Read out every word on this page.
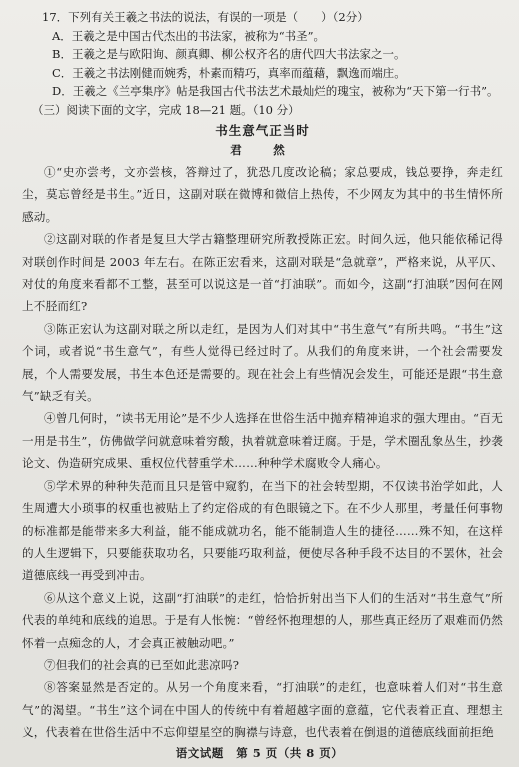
17．下列有关王羲之书法的说法，有误的一项是（　　）（2分）
A．王羲之是中国古代杰出的书法家，被称为“书圣”。
B．王羲之是与欧阳询、颜真卿、柳公权齐名的唐代四大书法家之一。
C．王羲之书法刚健而婉秀，朴素而精巧，真率而蕴藉，飘逸而端庄。
D．王羲之《兰亭集序》帖是我国古代书法艺术最灿烂的瑰宝，被称为“天下第一行书”。
（三）阅读下面的文字，完成 18—21 题。（10 分）
书生意气正当时
君　然

①“史亦尝考，文亦尝核，答辩过了，犹恐几度改论稿；家总要成，钱总要挣，奔走红尘，莫忘曾经是书生。”近日，这副对联在微博和微信上热传，不少网友为其中的书生情怀所感动。

②这副对联的作者是复旦大学古籍整理研究所教授陈正宏。时间久远，他只能依稀记得对联创作时间是 2003 年左右。在陈正宏看来，这副对联是“急就章”，严格来说，从平仄、对仗的角度来看都不工整，甚至可以说这是一首“打油联”。而如今，这副“打油联”因何在网上不胫而红?

③陈正宏认为这副对联之所以走红，是因为人们对其中“书生意气”有所共鸣。“书生”这个词，或者说“书生意气”，有些人觉得已经过时了。从我们的角度来讲，一个社会需要发展，个人需要发展，书生本色还是需要的。现在社会上有些情况会发生，可能还是跟“书生意气”缺乏有关。

④曾几何时，“读书无用论”是不少人选择在世俗生活中抛弃精神追求的强大理由。“百无一用是书生”，仿佛做学问就意味着穷酸，执着就意味着迂腐。于是，学术圈乱象丛生，抄袭论文、伪造研究成果、重权位代替重学术……种种学术腐败令人痛心。

⑤学术界的种种失范而且只是管中窥豹，在当下的社会转型期，不仅读书治学如此，人生周遭大小琐事的权重也被贴上了约定俗成的有色眼镜之下。在不少人那里，考量任何事物的标准都是能带来多大利益，能不能成就功名，能不能制造人生的捷径……殊不知，在这样的人生逻辑下，只要能获取功名，只要能巧取利益，便使尽各种手段不达目的不罢休，社会道德底线一再受到冲击。

⑥从这个意义上说，这副“打油联”的走红，恰恰折射出当下人们的生活对“书生意气”所代表的单纯和底线的追思。于是有人怅惋：“曾经怀抱理想的人，那些真正经历了艰难而仍然怀着一点痴念的人，才会真正被触动吧。”

⑦但我们的社会真的已至如此悲凉吗?

⑧答案显然是否定的。从另一个角度来看，“打油联”的走红，也意味着人们对“书生意气”的渴望。“书生”这个词在中国人的传统中有着超越字面的意蕴，它代表着正直、理想主义，代表着在世俗生活中不忘仰望星空的胸襟与诗意，也代表着在倒退的道德底线面前拒绝

语文试题 第 5 页（共 8 页）
